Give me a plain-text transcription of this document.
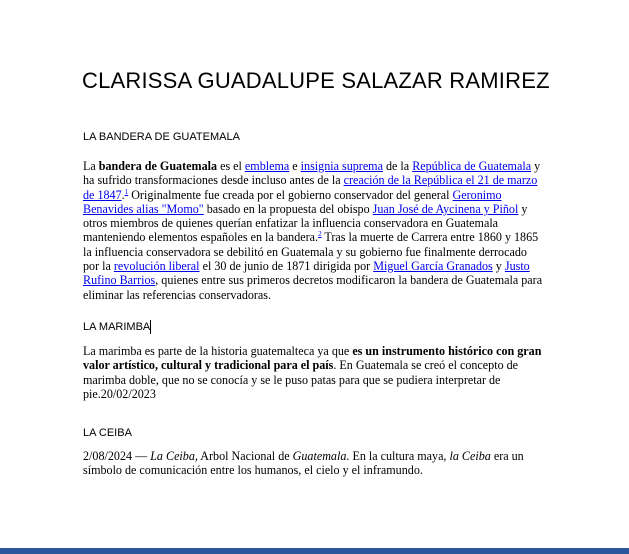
CLARISSA GUADALUPE SALAZAR RAMIREZ
LA BANDERA DE GUATEMALA

La bandera de Guatemala es el emblema e insignia suprema de la República de Guatemala y ha sufrido transformaciones desde incluso antes de la creación de la República el 21 de marzo de 1847.$^1$ Originalmente fue creada por el gobierno conservador del general Geronimo Benavides alias "Momo" basado en la propuesta del obispo Juan José de Aycinena y Piñol y otros miembros de quienes querían enfatizar la influencia conservadora en Guatemala manteniendo elementos españoles en la bandera.$^2$ Tras la muerte de Carrera entre 1860 y 1865 la influencia conservadora se debilitó en Guatemala y su gobierno fue finalmente derrocado por la revolución liberal el 30 de junio de 1871 dirigida por Miguel García Granados y Justo Rufino Barrios, quienes entre sus primeros decretos modificaron la bandera de Guatemala para eliminar las referencias conservadoras.

LA MARIMBA

La marimba es parte de la historia guatemalteca ya que es un instrumento histórico con gran valor artístico, cultural y tradicional para el país. En Guatemala se creó el concepto de marimba doble, que no se conocía y se le puso patas para que se pudiera interpretar de pie.20/02/2023

LA CEIBA

2/08/2024 — La Ceiba, Arbol Nacional de Guatemala. En la cultura maya, la Ceiba era un símbolo de comunicación entre los humanos, el cielo y el inframundo.
